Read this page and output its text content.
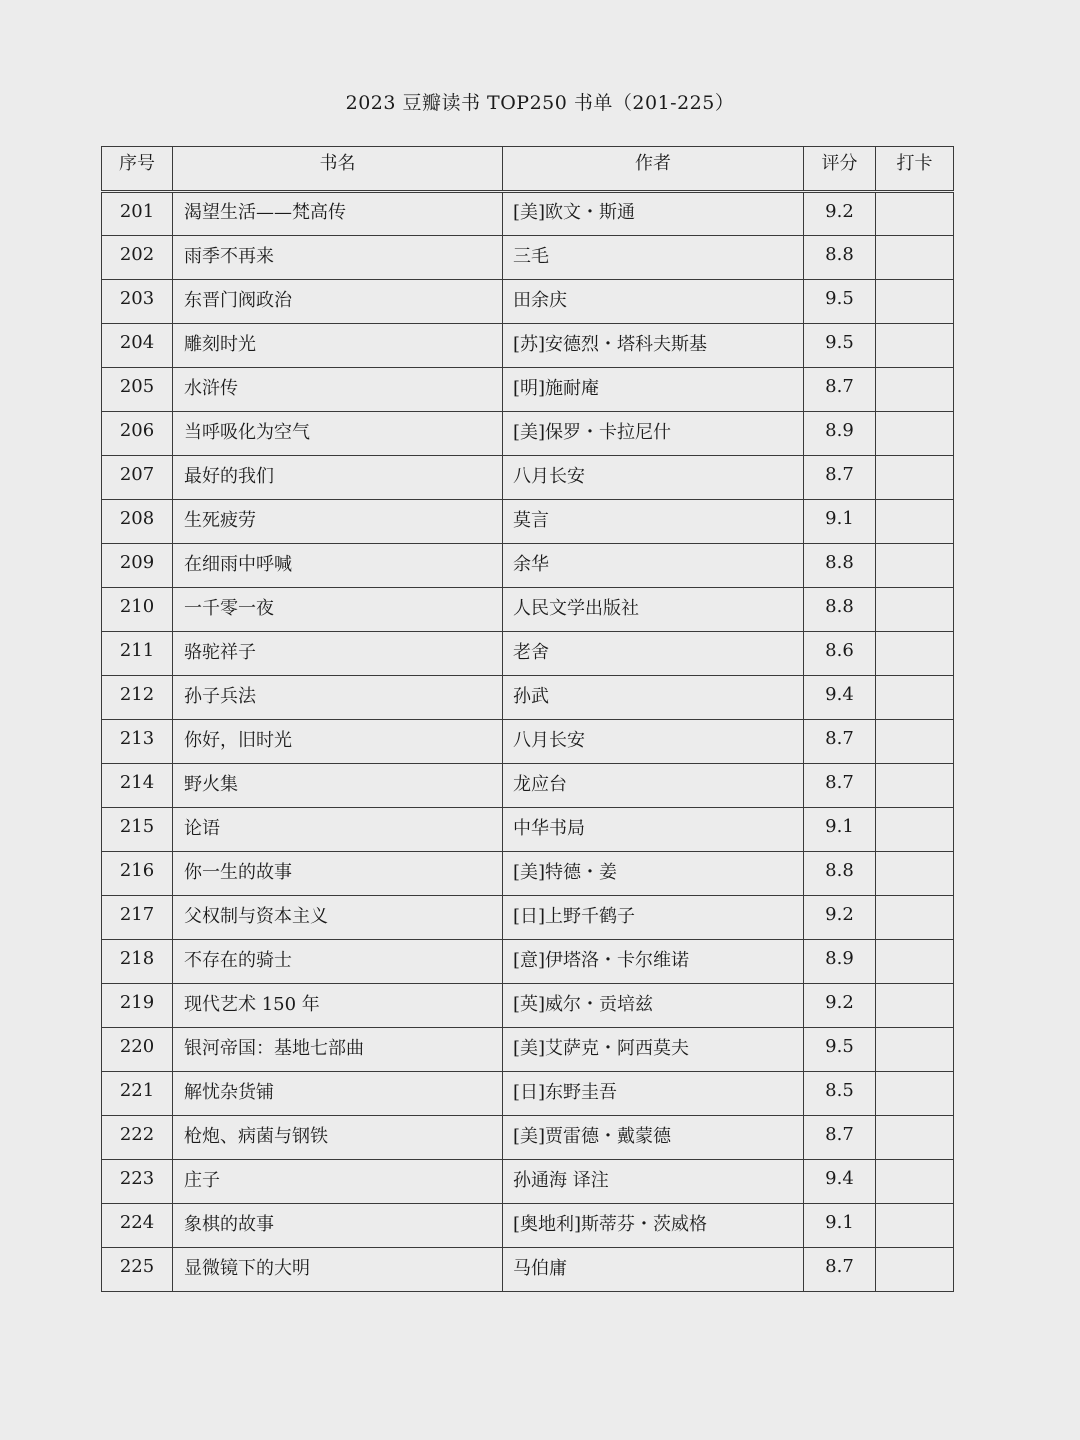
2023 豆瓣读书 TOP250 书单（201-225）
序号	书名	作者	评分	打卡
201	渴望生活——梵高传	[美]欧文・斯通	9.2	
202	雨季不再来	三毛	8.8	
203	东晋门阀政治	田余庆	9.5	
204	雕刻时光	[苏]安德烈・塔科夫斯基	9.5	
205	水浒传	[明]施耐庵	8.7	
206	当呼吸化为空气	[美]保罗・卡拉尼什	8.9	
207	最好的我们	八月长安	8.7	
208	生死疲劳	莫言	9.1	
209	在细雨中呼喊	余华	8.8	
210	一千零一夜	人民文学出版社	8.8	
211	骆驼祥子	老舍	8.6	
212	孙子兵法	孙武	9.4	
213	你好，旧时光	八月长安	8.7	
214	野火集	龙应台	8.7	
215	论语	中华书局	9.1	
216	你一生的故事	[美]特德・姜	8.8	
217	父权制与资本主义	[日]上野千鹤子	9.2	
218	不存在的骑士	[意]伊塔洛・卡尔维诺	8.9	
219	现代艺术 150 年	[英]威尔・贡培兹	9.2	
220	银河帝国：基地七部曲	[美]艾萨克・阿西莫夫	9.5	
221	解忧杂货铺	[日]东野圭吾	8.5	
222	枪炮、病菌与钢铁	[美]贾雷德・戴蒙德	8.7	
223	庄子	孙通海 译注	9.4	
224	象棋的故事	[奥地利]斯蒂芬・茨威格	9.1	
225	显微镜下的大明	马伯庸	8.7	
